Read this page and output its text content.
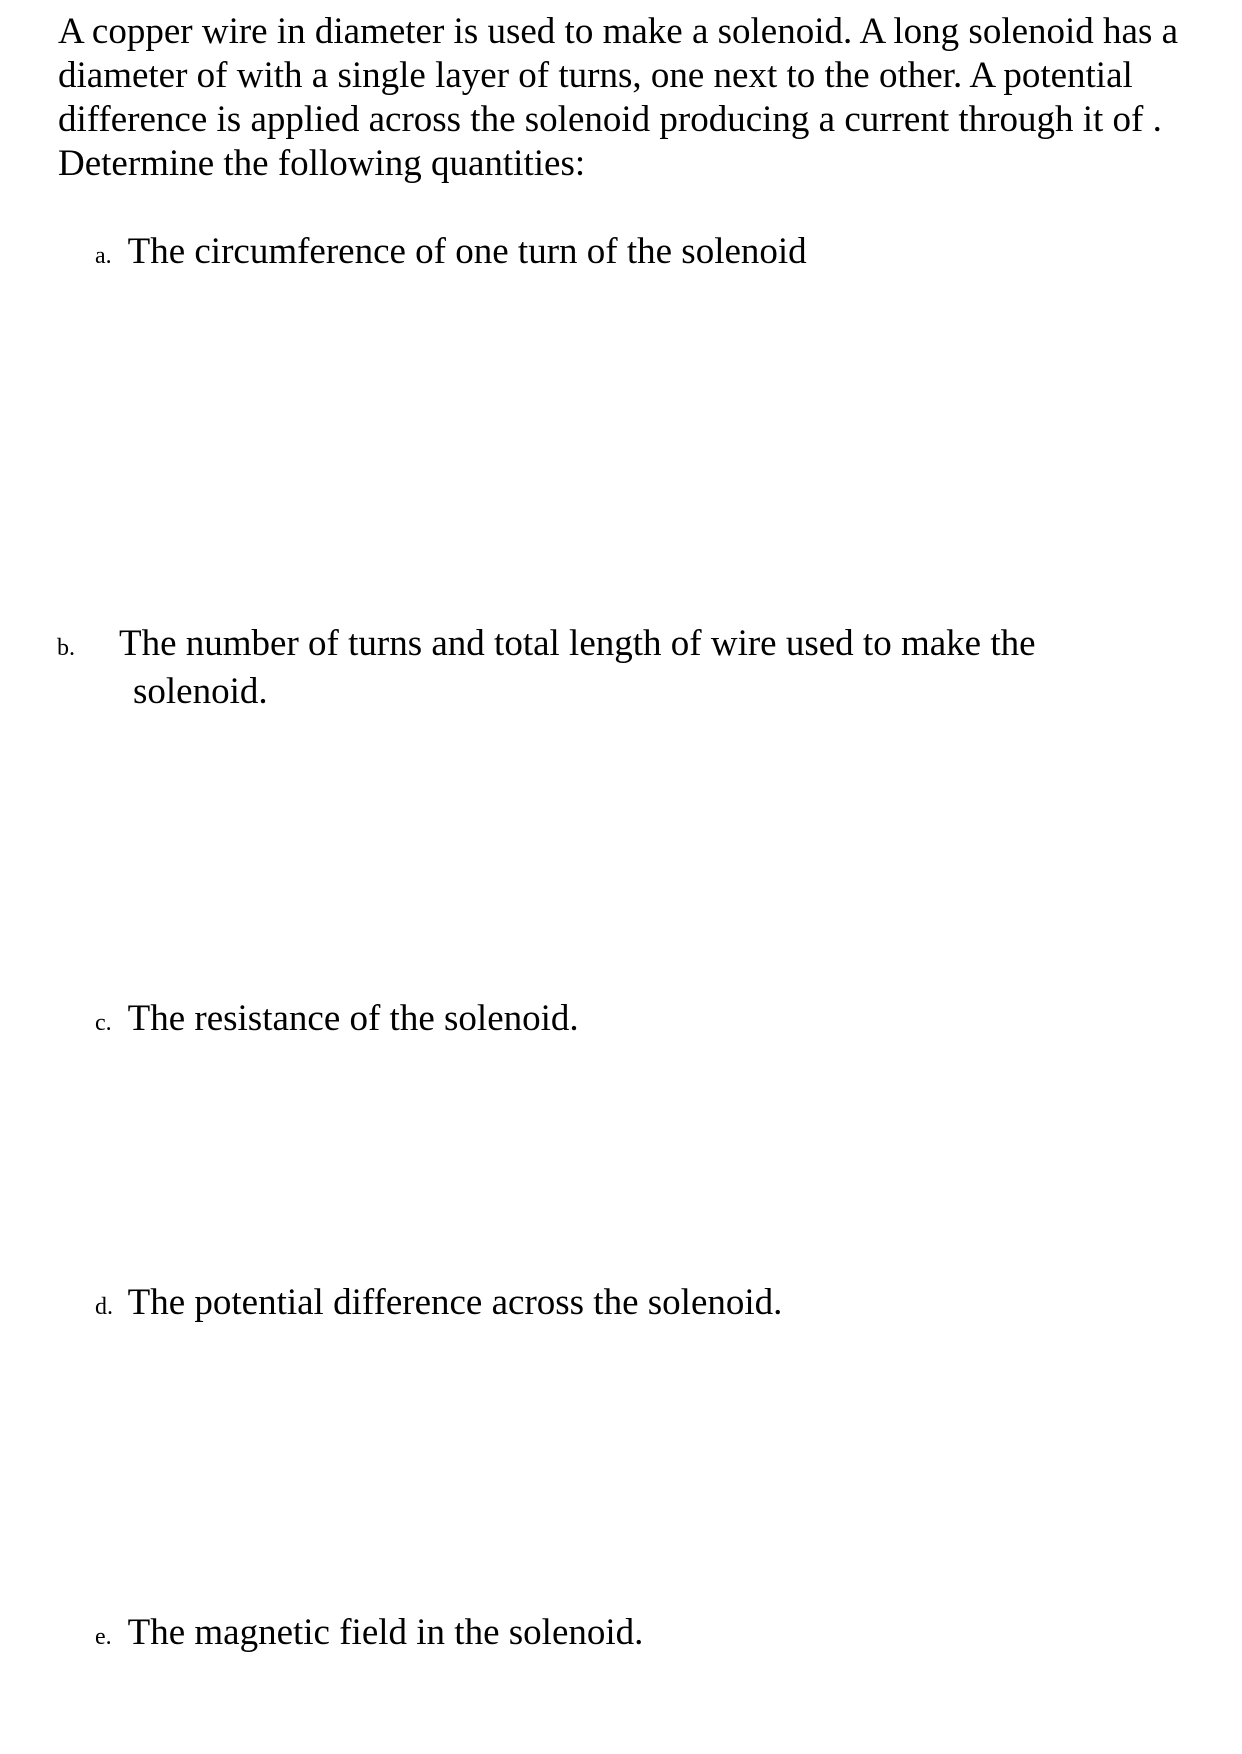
A copper wire in diameter is used to make a solenoid. A long solenoid has a diameter of with a single layer of turns, one next to the other. A potential difference is applied across the solenoid producing a current through it of . Determine the following quantities:

a. The circumference of one turn of the solenoid

b. The number of turns and total length of wire used to make the solenoid.

c. The resistance of the solenoid.

d. The potential difference across the solenoid.

e. The magnetic field in the solenoid.
